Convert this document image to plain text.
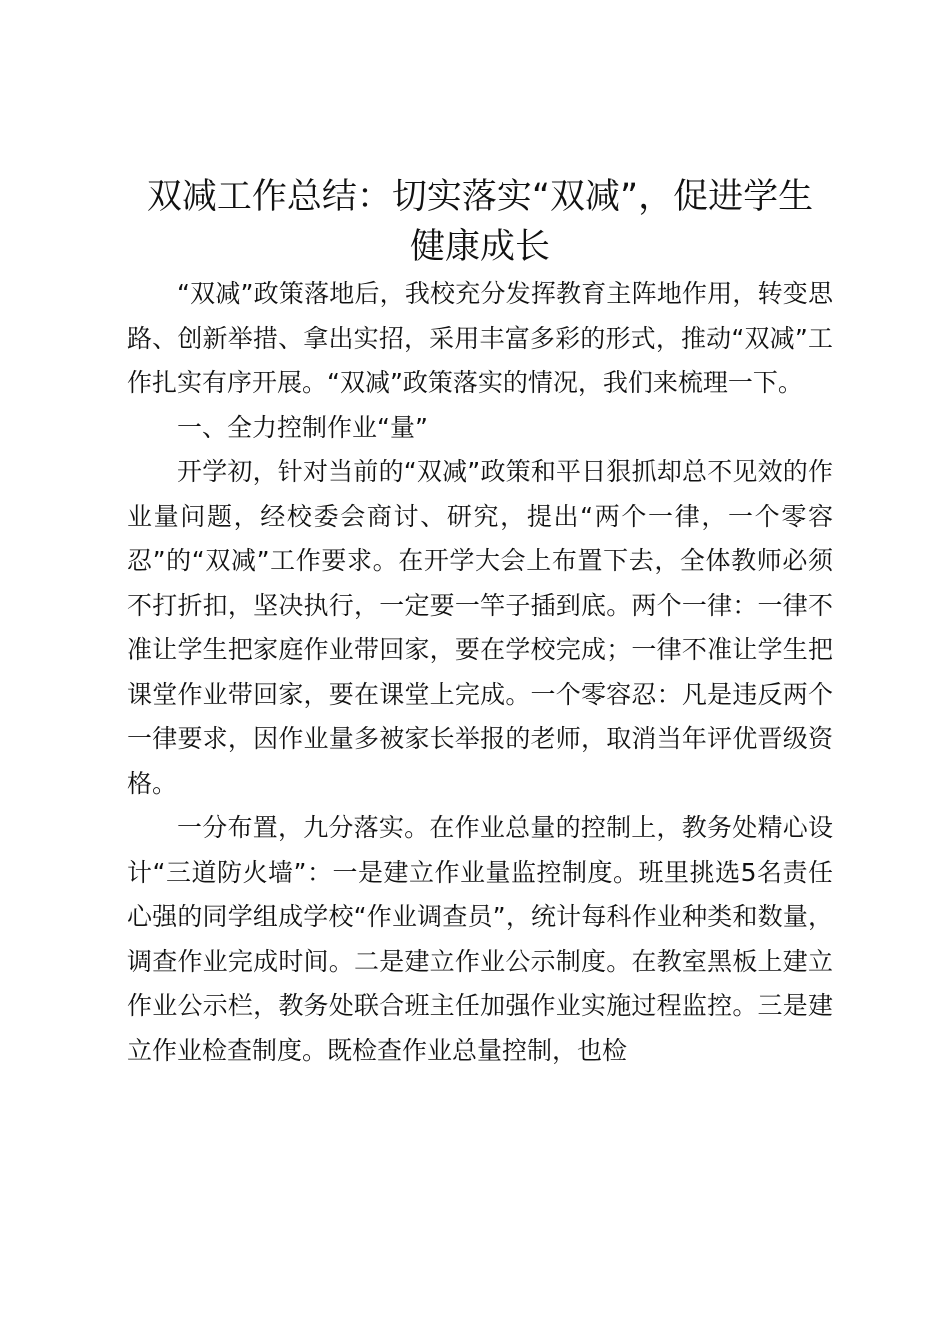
双减工作总结：切实落实“双减”，促进学生
健康成长

“双减”政策落地后，我校充分发挥教育主阵地作用，转变思路、创新举措、拿出实招，采用丰富多彩的形式，推动“双减”工作扎实有序开展。“双减”政策落实的情况，我们来梳理一下。

一、全力控制作业“量”

开学初，针对当前的“双减”政策和平日狠抓却总不见效的作业量问题，经校委会商讨、研究，提出“两个一律，一个零容忍”的“双减”工作要求。在开学大会上布置下去，全体教师必须不打折扣，坚决执行，一定要一竿子插到底。两个一律：一律不准让学生把家庭作业带回家，要在学校完成；一律不准让学生把课堂作业带回家，要在课堂上完成。一个零容忍：凡是违反两个一律要求，因作业量多被家长举报的老师，取消当年评优晋级资格。

一分布置，九分落实。在作业总量的控制上，教务处精心设计“三道防火墙”：一是建立作业量监控制度。班里挑选5名责任心强的同学组成学校“作业调查员”，统计每科作业种类和数量，调查作业完成时间。二是建立作业公示制度。在教室黑板上建立作业公示栏，教务处联合班主任加强作业实施过程监控。三是建立作业检查制度。既检查作业总量控制，也检
